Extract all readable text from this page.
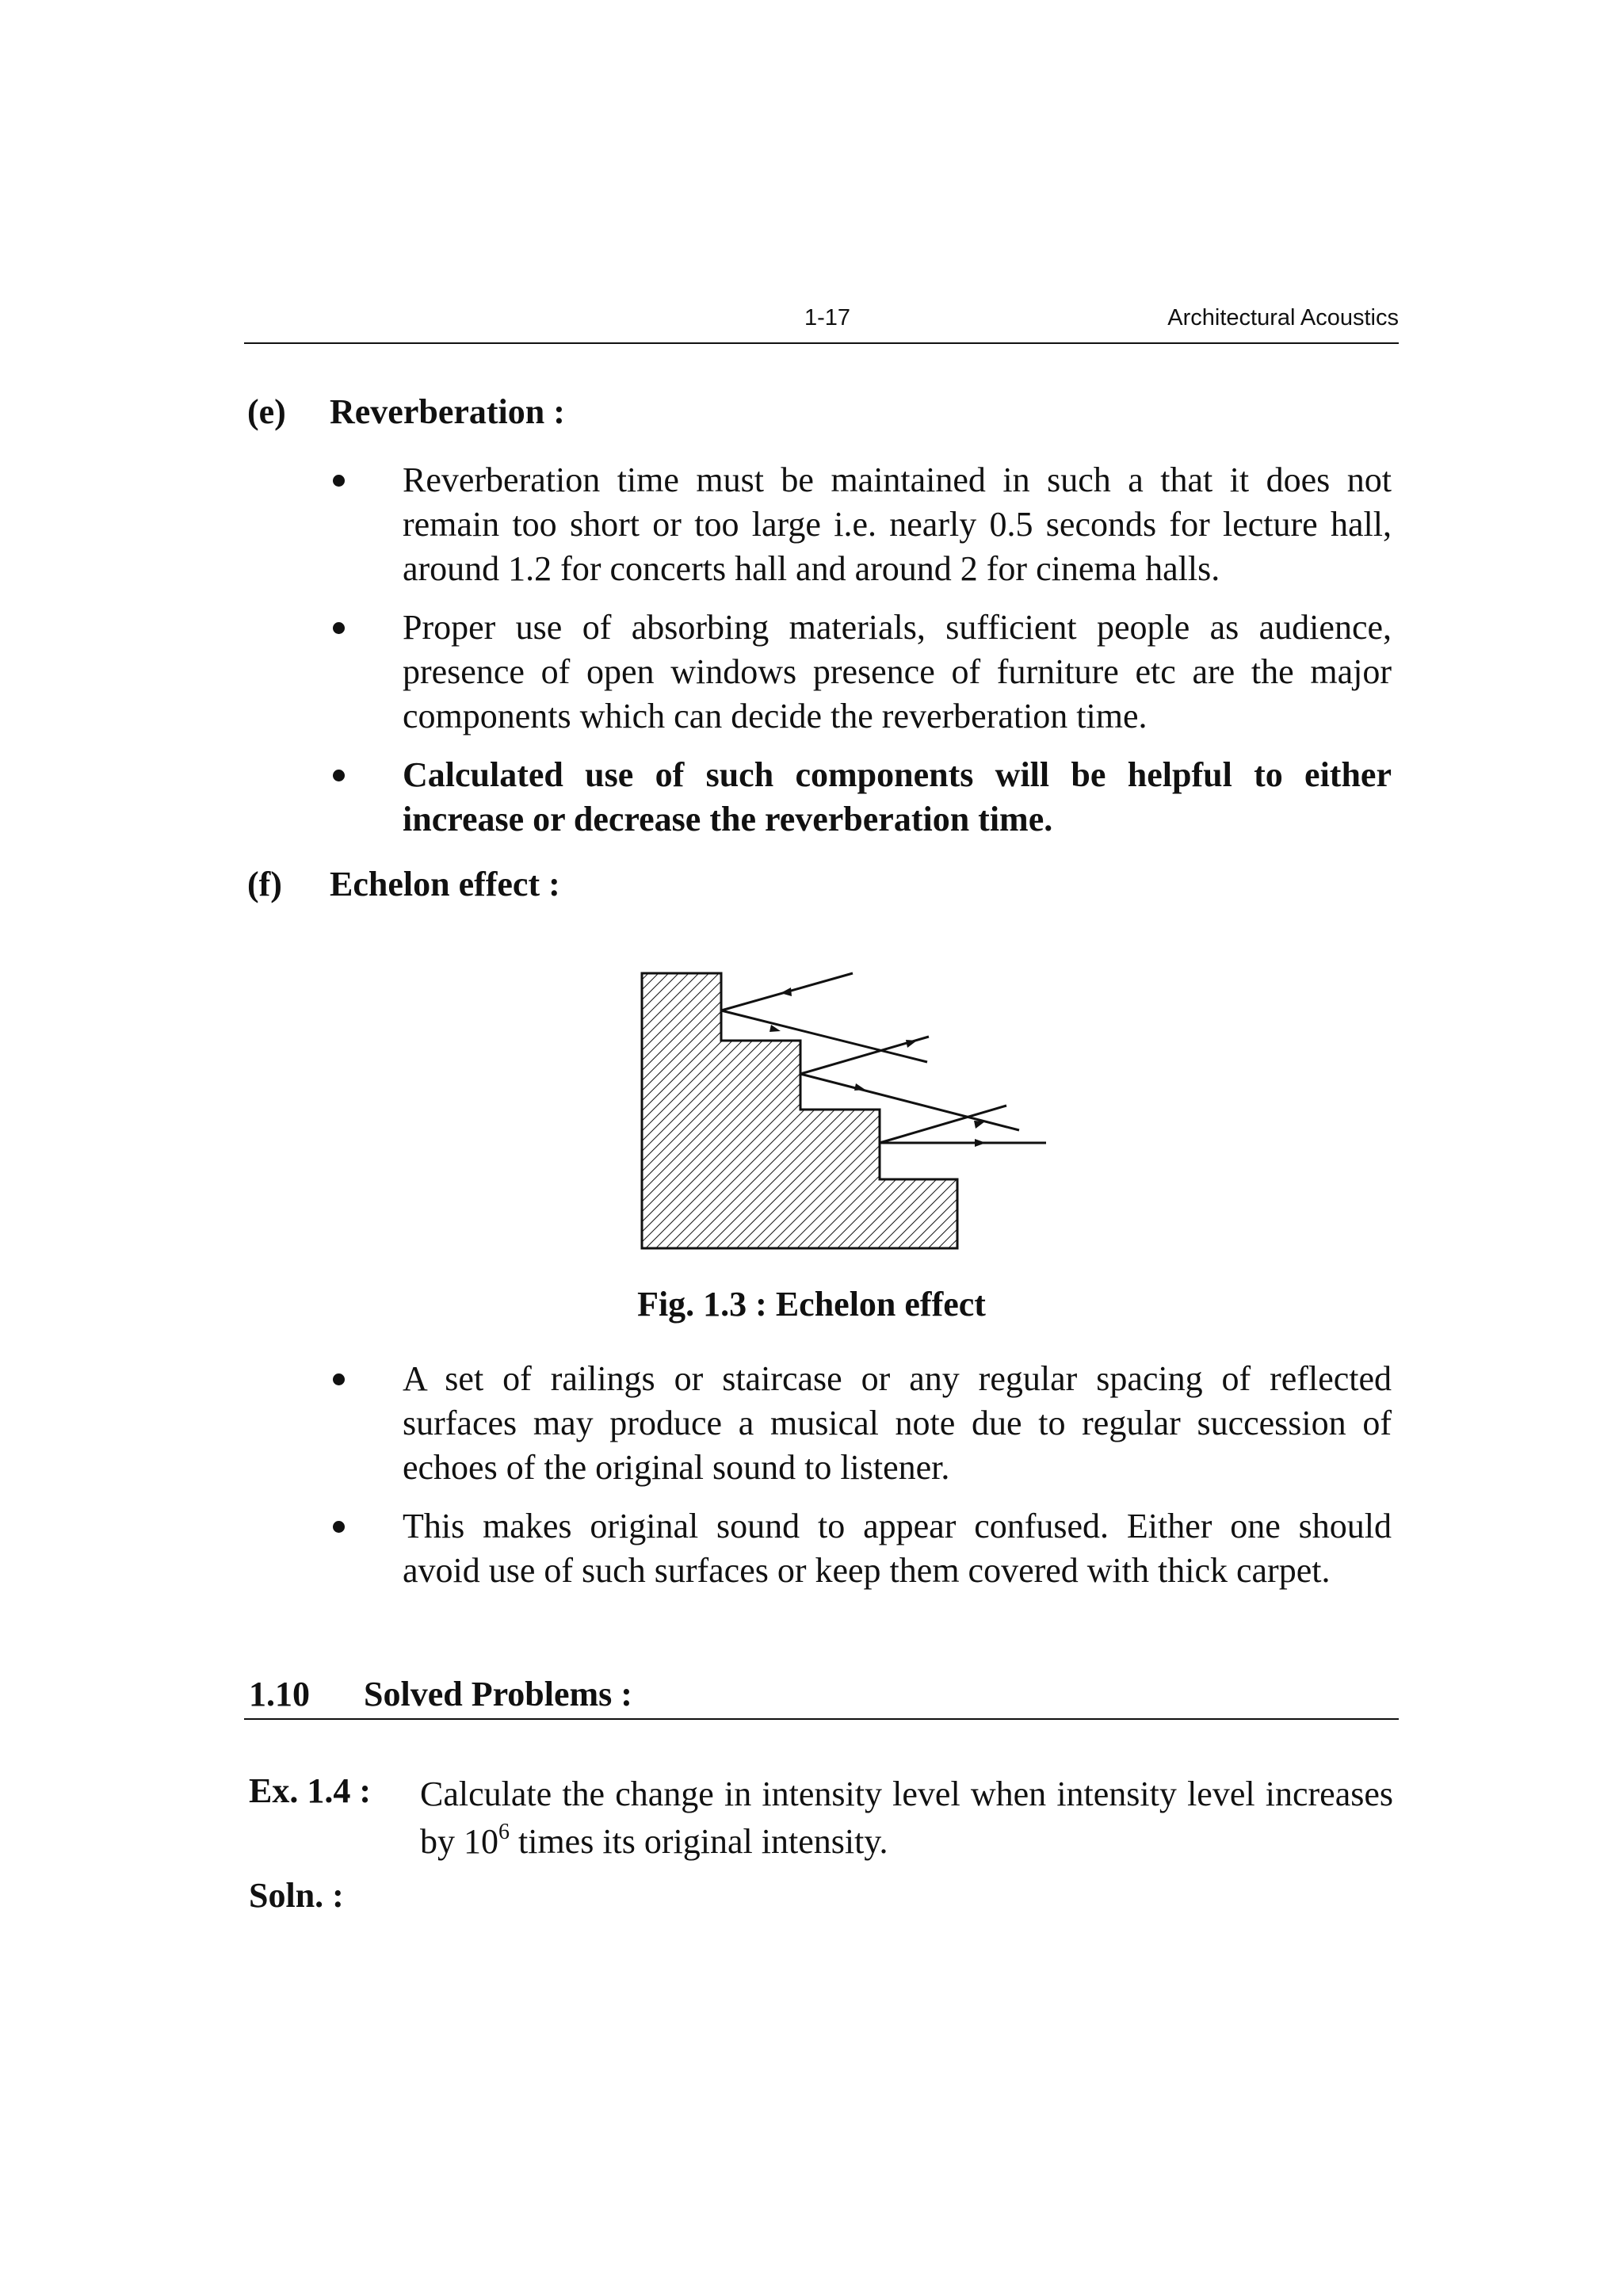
1-17	Architectural Acoustics
(e) Reverberation :
Reverberation time must be maintained in such a that it does not remain too short or too large i.e. nearly 0.5 seconds for lecture hall, around 1.2 for concerts hall and around 2 for cinema halls.
Proper use of absorbing materials, sufficient people as audience, presence of open windows presence of furniture etc are the major components which can decide the reverberation time.
Calculated use of such components will be helpful to either increase or decrease the reverberation time.
(f) Echelon effect :
Fig. 1.3 : Echelon effect
A set of railings or staircase or any regular spacing of reflected surfaces may produce a musical note due to regular succession of echoes of the original sound to listener.
This makes original sound to appear confused. Either one should avoid use of such surfaces or keep them covered with thick carpet.
1.10 Solved Problems :
Ex. 1.4 : Calculate the change in intensity level when intensity level increases by $10^6$ times its original intensity.
Soln. :
